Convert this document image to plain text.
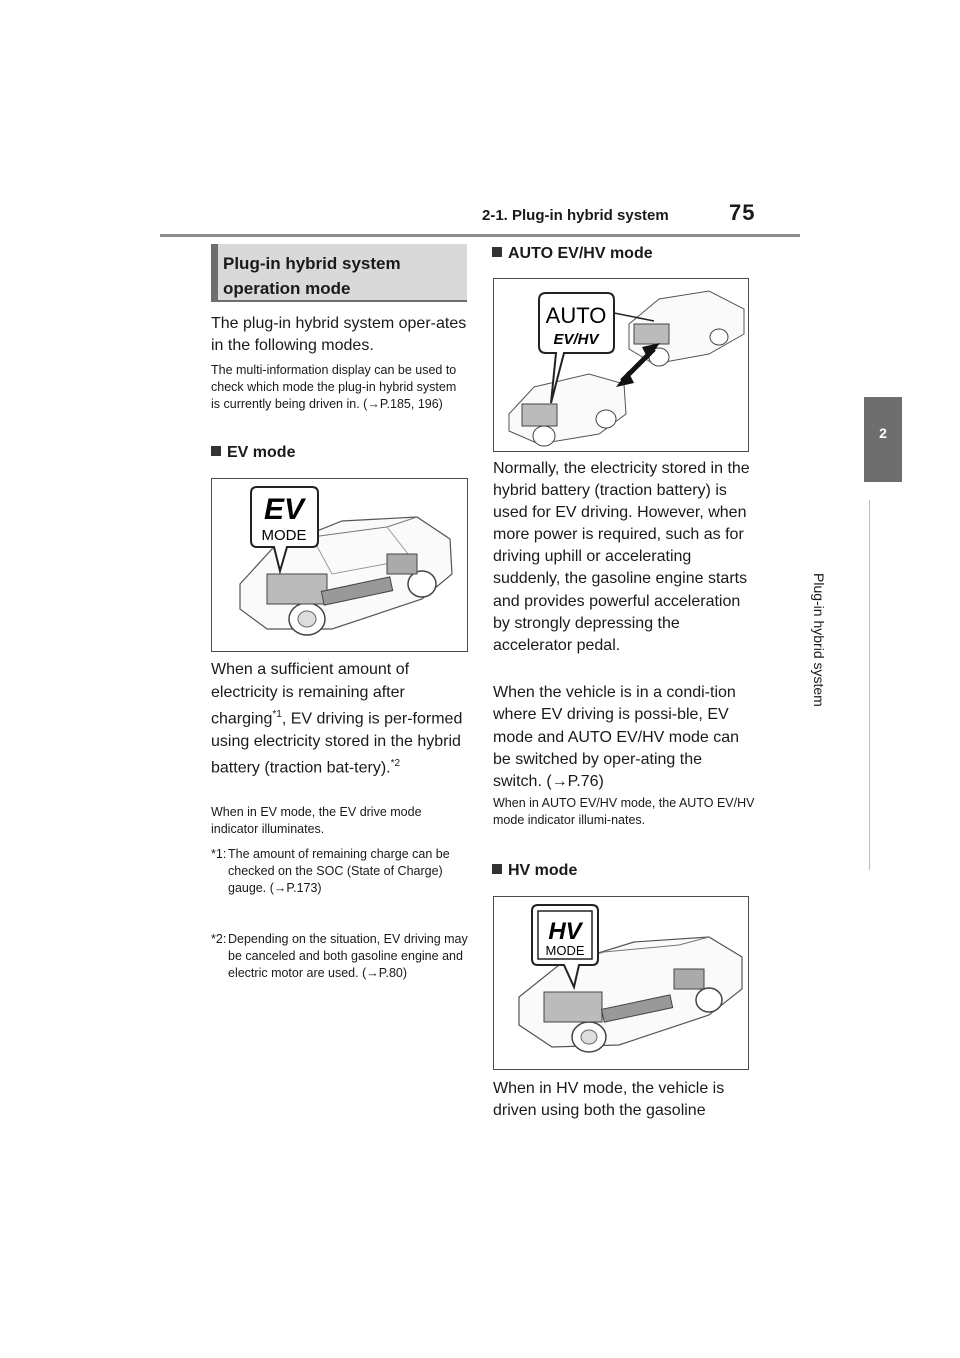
2-1. Plug-in hybrid system	75
2
Plug-in hybrid system
Plug-in hybrid system operation mode
The plug-in hybrid system oper-ates in the following modes.
The multi-information display can be used to check which mode the plug-in hybrid system is currently being driven in. (→P.185, 196)
EV mode
EV
MODE
When a sufficient amount of electricity is remaining after charging$^{*1}$, EV driving is per-formed using electricity stored in the hybrid battery (traction bat-tery).$^{*2}$
When in EV mode, the EV drive mode indicator illuminates.
*1: The amount of remaining charge can be checked on the SOC (State of Charge) gauge. (→P.173)
*2: Depending on the situation, EV driving may be canceled and both gasoline engine and electric motor are used. (→P.80)
AUTO EV/HV mode
AUTO
EV/HV
Normally, the electricity stored in the hybrid battery (traction battery) is used for EV driving. However, when more power is required, such as for driving uphill or accelerating suddenly, the gasoline engine starts and provides powerful acceleration by strongly depressing the accelerator pedal.
When the vehicle is in a condi-tion where EV driving is possi-ble, EV mode and AUTO EV/HV mode can be switched by oper-ating the switch. (→P.76)
When in AUTO EV/HV mode, the AUTO EV/HV mode indicator illumi-nates.
HV mode
HV
MODE
When in HV mode, the vehicle is driven using both the gasoline
